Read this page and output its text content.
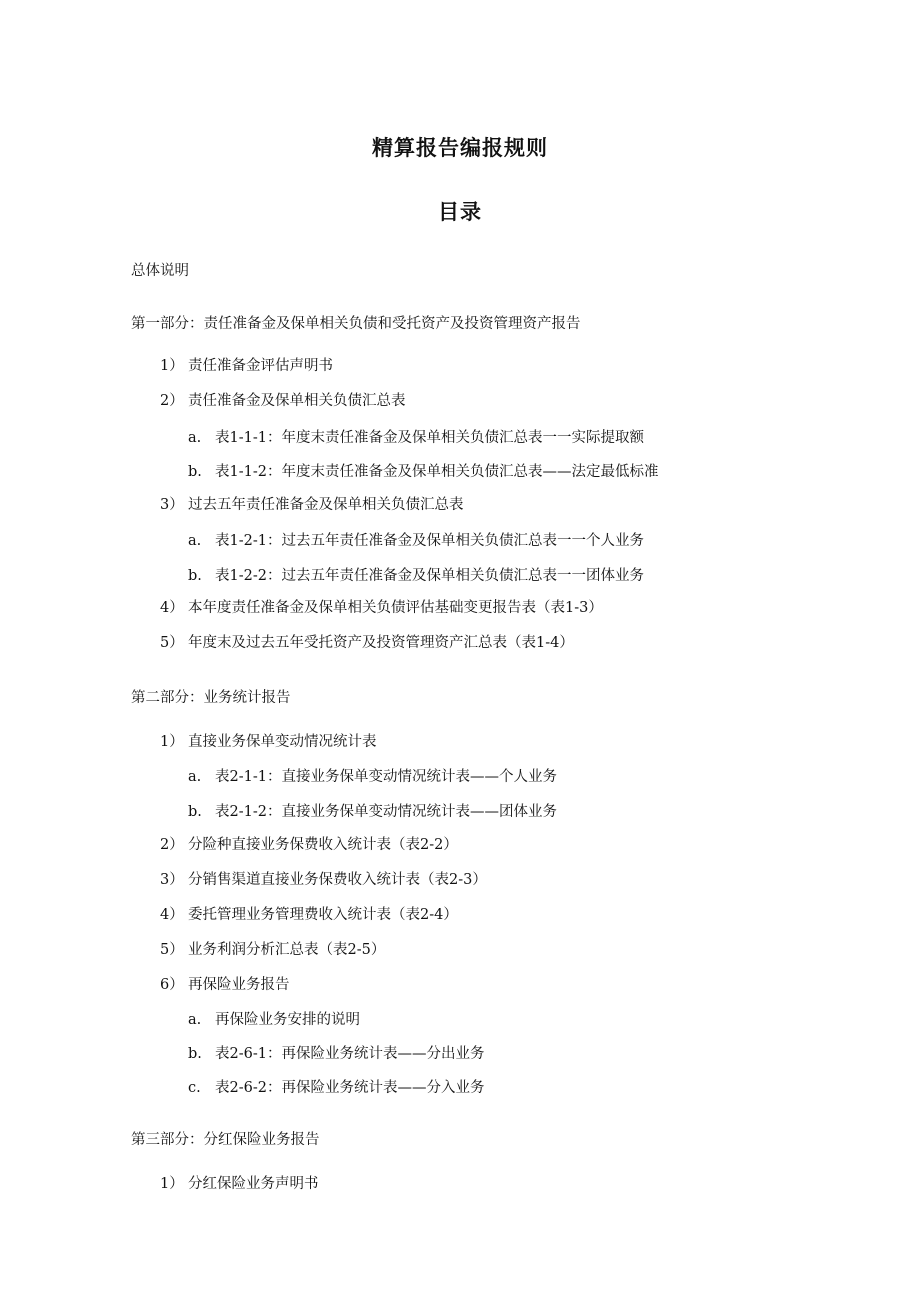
精算报告编报规则
目录
总体说明
第一部分：责任准备金及保单相关负债和受托资产及投资管理资产报告
1） 责任准备金评估声明书
2） 责任准备金及保单相关负债汇总表
a. 表1-1-1：年度末责任准备金及保单相关负债汇总表一一实际提取额
b. 表1-1-2：年度末责任准备金及保单相关负债汇总表——法定最低标准
3） 过去五年责任准备金及保单相关负债汇总表
a. 表1-2-1：过去五年责任准备金及保单相关负债汇总表一一个人业务
b. 表1-2-2：过去五年责任准备金及保单相关负债汇总表一一团体业务
4） 本年度责任准备金及保单相关负债评估基础变更报告表（表1-3）
5） 年度末及过去五年受托资产及投资管理资产汇总表（表1-4）
第二部分：业务统计报告
1） 直接业务保单变动情况统计表
a. 表2-1-1：直接业务保单变动情况统计表——个人业务
b. 表2-1-2：直接业务保单变动情况统计表——团体业务
2） 分险种直接业务保费收入统计表（表2-2）
3） 分销售渠道直接业务保费收入统计表（表2-3）
4） 委托管理业务管理费收入统计表（表2-4）
5） 业务利润分析汇总表（表2-5）
6） 再保险业务报告
a. 再保险业务安排的说明
b. 表2-6-1：再保险业务统计表——分出业务
c. 表2-6-2：再保险业务统计表——分入业务
第三部分：分红保险业务报告
1） 分红保险业务声明书
